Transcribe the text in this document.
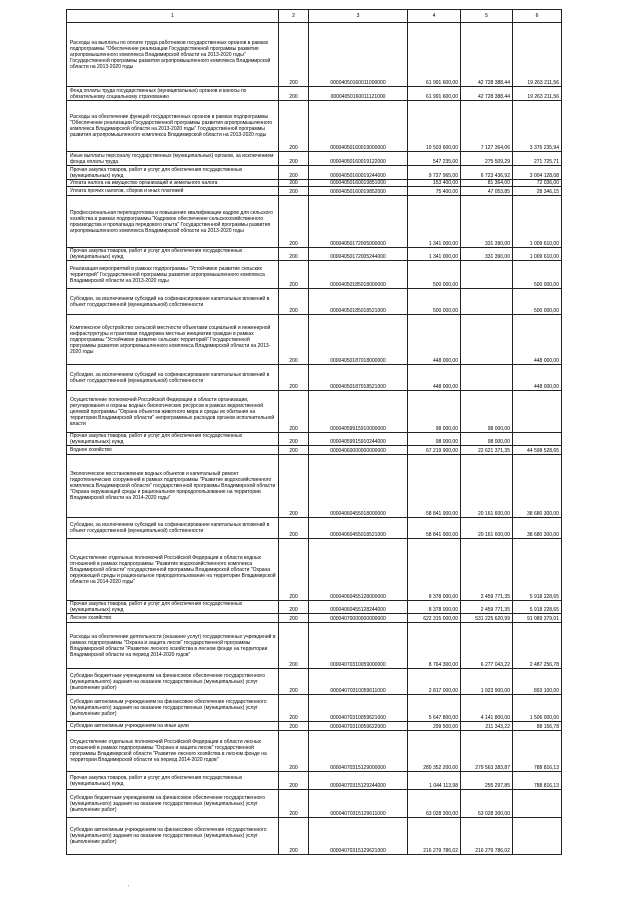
1	2	3	4	5	6
Расходы на выплаты по оплате труда работников государственных органов в рамках подпрограммы "Обеспечение реализации Государственной программы развития агропромышленного комплекса Владимирской области на 2013-2020 годы" Государственной программы развития агропромышленного комплекса Владимирской области на 2013-2020 годы	200	00004050160011000000	61 991 600,00	42 728 388,44	19 263 211,56
Фонд оплаты труда государственных (муниципальных) органов и взносы по обязательному социальному страхованию	200	00004050160011121000	61 991 600,00	42 728 388,44	19 263 211,56
Расходы на обеспечение функций государственных органов в рамках подпрограммы "Обеспечение реализации Государственной программы развития агропромышленного комплекса Владимирской области на 2013-2020 годы" Государственной программы развития агропромышленного комплекса Владимирской области на 2013-2020 годы	200	00004050160019000000	10 503 600,00	7 127 364,06	3 376 235,94
Иные выплаты персоналу государственных (муниципальных) органов, за исключением фонда оплаты труда	200	00004050160019122000	547 235,00	275 509,29	271 725,71
Прочая закупка товаров, работ и услуг для обеспечения государственных (муниципальных) нужд	200	00004050160019244000	9 727 965,00	6 723 436,92	3 004 128,08
Уплата налога на имущество организаций и земельного налога	200	00004050160019851000	153 400,00	81 364,00	72 036,00
Уплата прочих налогов, сборов и иных платежей	200	00004050160019852000	75 400,00	47 053,85	28 346,15
Профессиональная переподготовка и повышение квалификации кадров для сельского хозяйства в рамках подпрограммы "Кадровое обеспечение сельскохозяйственного производства и пропаганда передового опыта" Государственной программы развития агропромышленного комплекса Владимирской области на 2013-2020 годы	200	00004050172005000000	1 341 000,00	331 390,00	1 009 610,00
Прочая закупка товаров, работ и услуг для обеспечения государственных (муниципальных) нужд	200	00004050172005244000	1 341 000,00	331 390,00	1 009 610,00
Реализация мероприятий в рамках подпрограммы "Устойчивое развитие сельских территорий" Государственной программы развития агропромышленного комплекса Владимирской области на 2013-2020 годы	200	00004050185018000000	500 000,00		500 000,00
Субсидии, за исключением субсидий на софинансирование капитальных вложений в объект государственной (муниципальной) собственности	200	00004050185018521000	500 000,00		500 000,00
Комплексное обустройство сельской местности объектами социальной и инженерной инфраструктуры и грантовая поддержка местных инициатив граждан в рамках подпрограммы "Устойчивое развитие сельских территорий" Государственной программы развития агропромышленного комплекса Владимирской области на 2013-2020 годы	200	00004050187018000000	448 000,00		448 000,00
Субсидии, за исключением субсидий на софинансирование капитальных вложений в объект государственной (муниципальной) собственности	200	00004050187018521000	448 000,00		448 000,00
Осуществление полномочий Российской Федерации в области организации, регулирования и охраны водных биологических ресурсов в рамках ведомственной целевой программы "Охрана объектов животного мира и среды их обитания на территории Владимирской области" непрограммных расходов органов исполнительной власти	200	00004059915910000000	98 000,00	98 000,00	
Прочая закупка товаров, работ и услуг для обеспечения государственных (муниципальных) нужд	200	00004059915910244000	98 000,00	98 000,00	
Водное хозяйство	200	00004060000000000000	67 219 900,00	22 621 371,35	44 598 528,65
Экологическое восстановление водных объектов и капитальный ремонт гидротехнических сооружений в рамках подпрограммы "Развитие водохозяйственного комплекса Владимирской области" государственной программы Владимирской области "Охрана окружающей среды и рациональное природопользование на территории Владимирской области на 2014-2020 годы"	200	00004060455018000000	58 841 900,00	20 161 600,00	38 680 300,00
Субсидии, за исключением субсидий на софинансирование капитальных вложений в объект государственной (муниципальной) собственности	200	00004060455018521000	58 841 900,00	20 161 600,00	38 680 300,00
Осуществление отдельных полномочий Российской Федерации в области водных отношений в рамках подпрограммы "Развитие водохозяйственного комплекса Владимирской области" государственной программы Владимирской области "Охрана окружающей среды и рациональное природопользование на территории Владимирской области на 2014-2020 годы"	200	00004060455128000000	8 378 000,00	2 459 771,35	5 918 228,65
Прочая закупка товаров, работ и услуг для обеспечения государственных (муниципальных) нужд	200	00004060455128244000	8 378 000,00	2 459 771,35	5 918 228,65
Лесное хозяйство	200	00004070000000000000	622 315 000,00	531 225 620,99	91 089 379,01
Расходы на обеспечение деятельности (оказание услуг) государственных учреждений в рамках подпрограммы "Охрана и защита лесов" государственной программы Владимирской области "Развитие лесного хозяйства в лесном фонде на территории Владимирской области на период 2014-2020 годов"	200	00004070310059000000	8 764 300,00	6 277 043,22	2 487 256,78
Субсидии бюджетным учреждениям на финансовое обеспечение государственного (муниципального) задания на оказание государственных (муниципальных) услуг (выполнение работ)	200	00004070310059611000	2 817 000,00	1 923 900,00	893 100,00
Субсидии автономным учреждениям на финансовое обеспечение государственного (муниципального) задания на оказание государственных (муниципальных) услуг (выполнение работ)	200	00004070310059621000	5 647 800,00	4 141 800,00	1 506 000,00
Субсидии автономным учреждениям на иные цели	200	00004070310059622000	299 500,00	211 343,22	88 156,78
Осуществление отдельных полномочий Российской Федерации в области лесных отношений в рамках подпрограммы "Охрана и защита лесов" государственной программы Владимирской области "Развитие лесного хозяйства в лесном фонде на территории Владимирской области на период 2014-2020 годов"	200	00004070315129000000	280 352 200,00	279 563 383,87	788 816,13
Прочая закупка товаров, работ и услуг для обеспечения государственных (муниципальных) нужд	200	00004070315129244000	1 044 113,98	255 297,85	788 816,13
Субсидии бюджетным учреждениям на финансовое обеспечение государственного (муниципального) задания на оказание государственных (муниципальных) услуг (выполнение работ)	200	00004070315129611000	63 028 300,00	63 028 300,00	
Субсидии автономным учреждениям на финансовое обеспечение государственного (муниципального) задания на оказание государственных (муниципальных) услуг (выполнение работ)	200	00004070315129621000	216 279 786,02	216 279 786,02	
'
